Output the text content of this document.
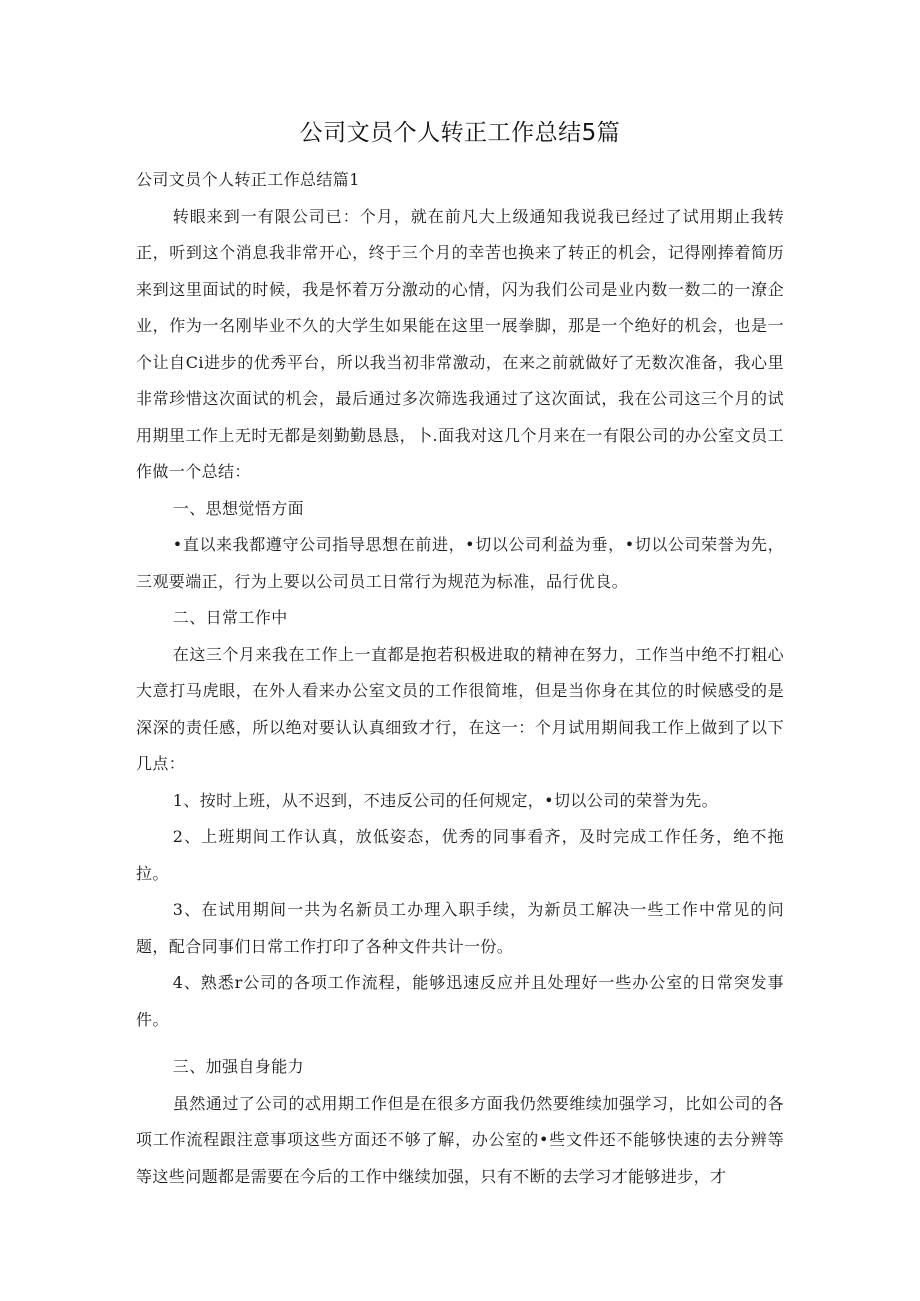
公司文员个人转正工作总结5篇

公司文员个人转正工作总结篇1

转眼来到一有限公司已：个月，就在前凡大上级通知我说我已经过了试用期止我转正，听到这个消息我非常开心，终于三个月的幸苦也换来了转正的机会，记得刚捧着简历来到这里面试的时候，我是怀着万分激动的心情，闪为我们公司是业内数一数二的一潦企业，作为一名刚毕业不久的大学生如果能在这里一展拳脚，那是一个绝好的机会，也是一个让自Ci进步的优秀平台，所以我当初非常激动，在来之前就做好了无数次准备，我心里非常珍惜这次面试的机会，最后通过多次筛选我通过了这次面试，我在公司这三个月的试用期里工作上无时无都是刻勤勤恳恳，卜.面我对这几个月来在一有限公司的办公室文员工作做一个总结：

一、思想觉悟方面

•直以来我都遵守公司指导思想在前进，•切以公司利益为垂，•切以公司荣誉为先，三观要端正，行为上要以公司员工日常行为规范为标准，品行优良。

二、日常工作中

在这三个月来我在工作上一直都是抱若积极进取的精神在努力，工作当中绝不打粗心大意打马虎眼，在外人看来办公室文员的工作很简堆，但是当你身在其位的时候感受的是深深的责任感，所以绝对要认认真细致才行，在这一：个月试用期间我工作上做到了以下几点：

1、按时上班，从不迟到，不违反公司的任何规定，•切以公司的荣誉为先。

2、上班期间工作认真，放低姿态，优秀的同事看齐，及时完成工作任务，绝不拖拉。

3、在试用期间一共为名新员工办理入职手续，为新员工解决一些工作中常见的问题，配合同事们日常工作打印了各种文件共计一份。

4、熟悉r公司的各项工作流程，能够迅速反应并且处理好一些办公室的日常突发事件。

三、加强自身能力

虽然通过了公司的忒用期工作但是在很多方面我仍然要维续加强学习，比如公司的各项工作流程跟注意事项这些方面还不够了解，办公室的•些文件还不能够快速的去分辨等等这些问题都是需要在今后的工作中继续加强，只有不断的去学习才能够进步，才
